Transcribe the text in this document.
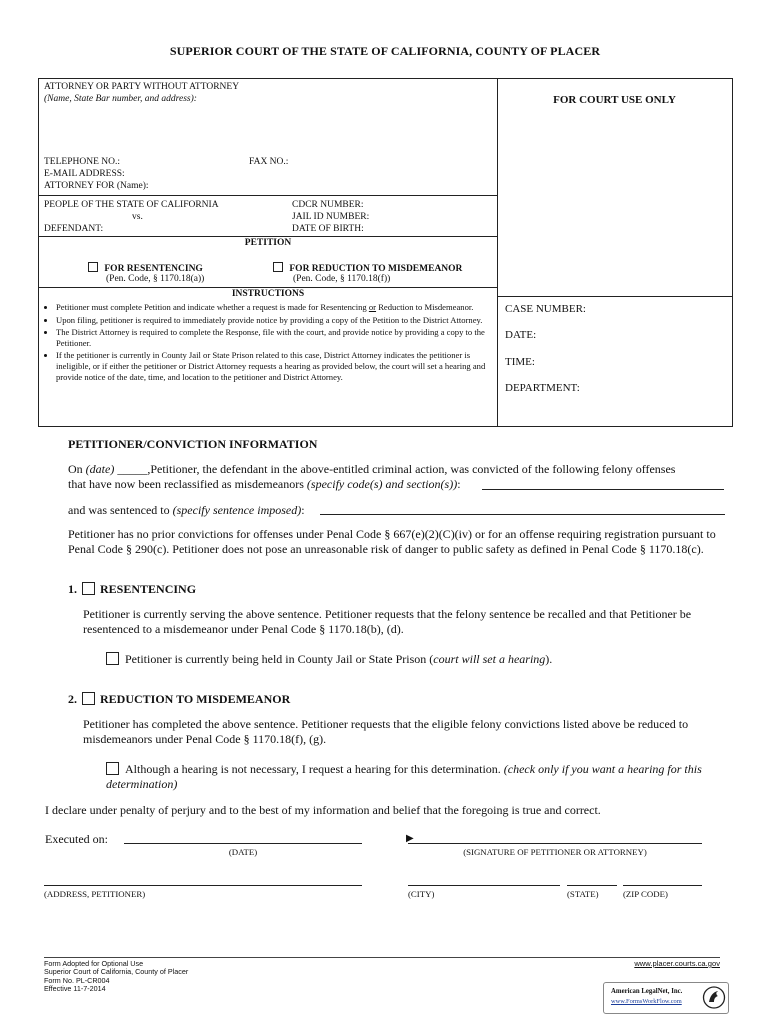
SUPERIOR COURT OF THE STATE OF CALIFORNIA, COUNTY OF PLACER
ATTORNEY OR PARTY WITHOUT ATTORNEY
(Name, State Bar number, and address):
TELEPHONE NO.:	FAX NO.:
E-MAIL ADDRESS:
ATTORNEY FOR (Name):
FOR COURT USE ONLY
PEOPLE OF THE STATE OF CALIFORNIA
vs.
DEFENDANT:
CDCR NUMBER:
JAIL ID NUMBER:
DATE OF BIRTH:
PETITION
FOR RESENTENCING
(Pen. Code, § 1170.18(a))
FOR REDUCTION TO MISDEMEANOR
(Pen. Code, § 1170.18(f))
INSTRUCTIONS
• Petitioner must complete Petition and indicate whether a request is made for Resentencing or Reduction to Misdemeanor.
• Upon filing, petitioner is required to immediately provide notice by providing a copy of the Petition to the District Attorney.
• The District Attorney is required to complete the Response, file with the court, and provide notice by providing a copy to the Petitioner.
• If the petitioner is currently in County Jail or State Prison related to this case, District Attorney indicates the petitioner is ineligible, or if either the petitioner or District Attorney requests a hearing as provided below, the court will set a hearing and provide notice of the date, time, and location to the petitioner and District Attorney.
CASE NUMBER:
DATE:
TIME:
DEPARTMENT:
PETITIONER/CONVICTION INFORMATION
On (date) _____,Petitioner, the defendant in the above-entitled criminal action, was convicted of the following felony offenses
that have now been reclassified as misdemeanors (specify code(s) and section(s)):
and was sentenced to (specify sentence imposed):
Petitioner has no prior convictions for offenses under Penal Code § 667(e)(2)(C)(iv) or for an offense requiring registration pursuant to Penal Code § 290(c). Petitioner does not pose an unreasonable risk of danger to public safety as defined in Penal Code § 1170.18(c).
1. RESENTENCING
Petitioner is currently serving the above sentence. Petitioner requests that the felony sentence be recalled and that Petitioner be resentenced to a misdemeanor under Penal Code § 1170.18(b), (d).
Petitioner is currently being held in County Jail or State Prison (court will set a hearing).
2. REDUCTION TO MISDEMEANOR
Petitioner has completed the above sentence. Petitioner requests that the eligible felony convictions listed above be reduced to misdemeanors under Penal Code § 1170.18(f), (g).
Although a hearing is not necessary, I request a hearing for this determination. (check only if you want a hearing for this determination)
I declare under penalty of perjury and to the best of my information and belief that the foregoing is true and correct.
Executed on:
(DATE)
▶
(SIGNATURE OF PETITIONER OR ATTORNEY)
(ADDRESS, PETITIONER)	(CITY)	(STATE)	(ZIP CODE)
Form Adopted for Optional Use
Superior Court of California, County of Placer
Form No. PL-CR004
Effective 11-7-2014
www.placer.courts.ca.gov
American LegalNet, Inc.
www.FormsWorkFlow.com
